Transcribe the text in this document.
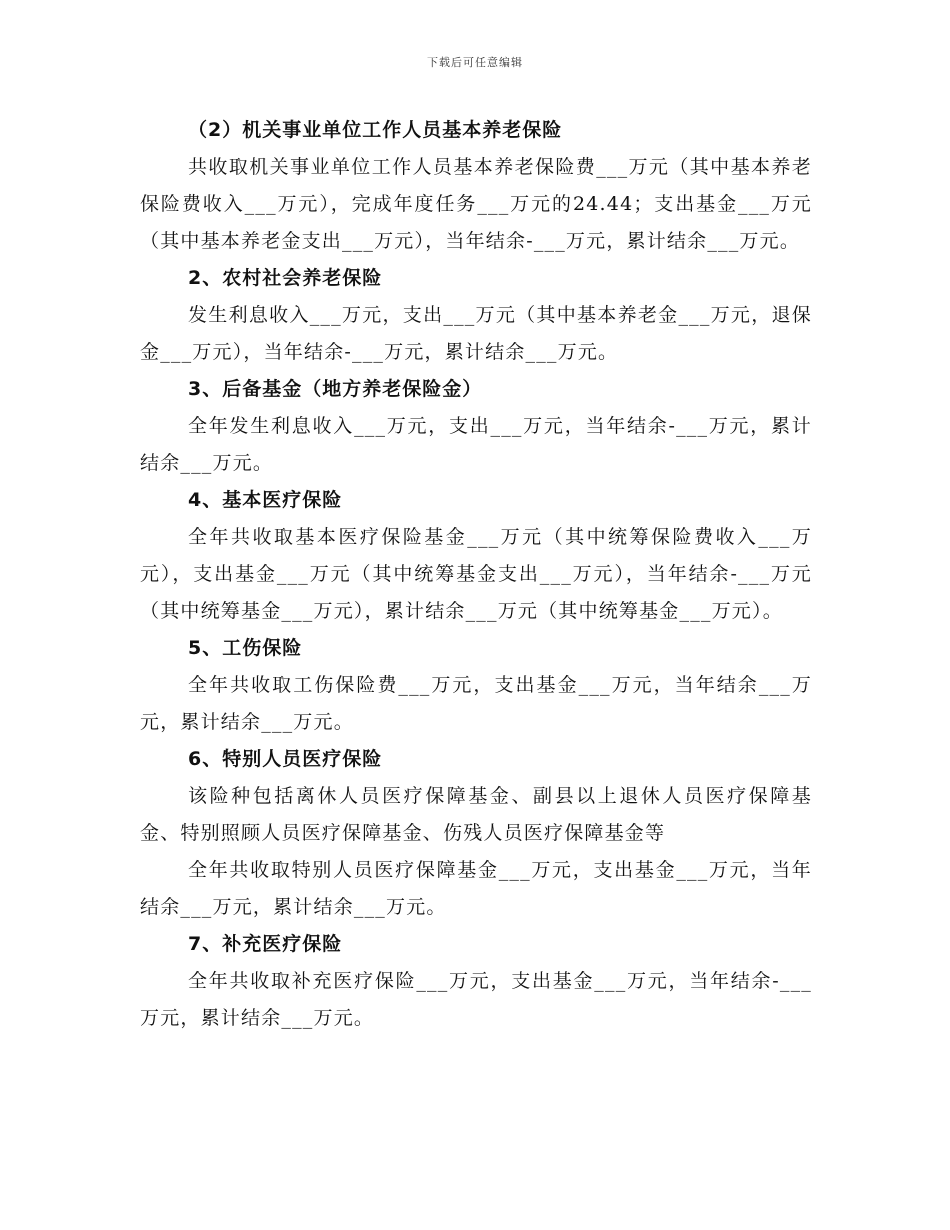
下载后可任意编辑

（2）机关事业单位工作人员基本养老保险

共收取机关事业单位工作人员基本养老保险费___万元（其中基本养老保险费收入___万元），完成年度任务___万元的24.44；支出基金___万元（其中基本养老金支出___万元），当年结余-___万元，累计结余___万元。

2、农村社会养老保险

发生利息收入___万元，支出___万元（其中基本养老金___万元，退保金___万元），当年结余-___万元，累计结余___万元。

3、后备基金（地方养老保险金）

全年发生利息收入___万元，支出___万元，当年结余-___万元，累计结余___万元。

4、基本医疗保险

全年共收取基本医疗保险基金___万元（其中统筹保险费收入___万元），支出基金___万元（其中统筹基金支出___万元），当年结余-___万元（其中统筹基金___万元），累计结余___万元（其中统筹基金___万元）。

5、工伤保险

全年共收取工伤保险费___万元，支出基金___万元，当年结余___万元，累计结余___万元。

6、特别人员医疗保险

该险种包括离休人员医疗保障基金、副县以上退休人员医疗保障基金、特别照顾人员医疗保障基金、伤残人员医疗保障基金等

全年共收取特别人员医疗保障基金___万元，支出基金___万元，当年结余___万元，累计结余___万元。

7、补充医疗保险

全年共收取补充医疗保险___万元，支出基金___万元，当年结余-___万元，累计结余___万元。
